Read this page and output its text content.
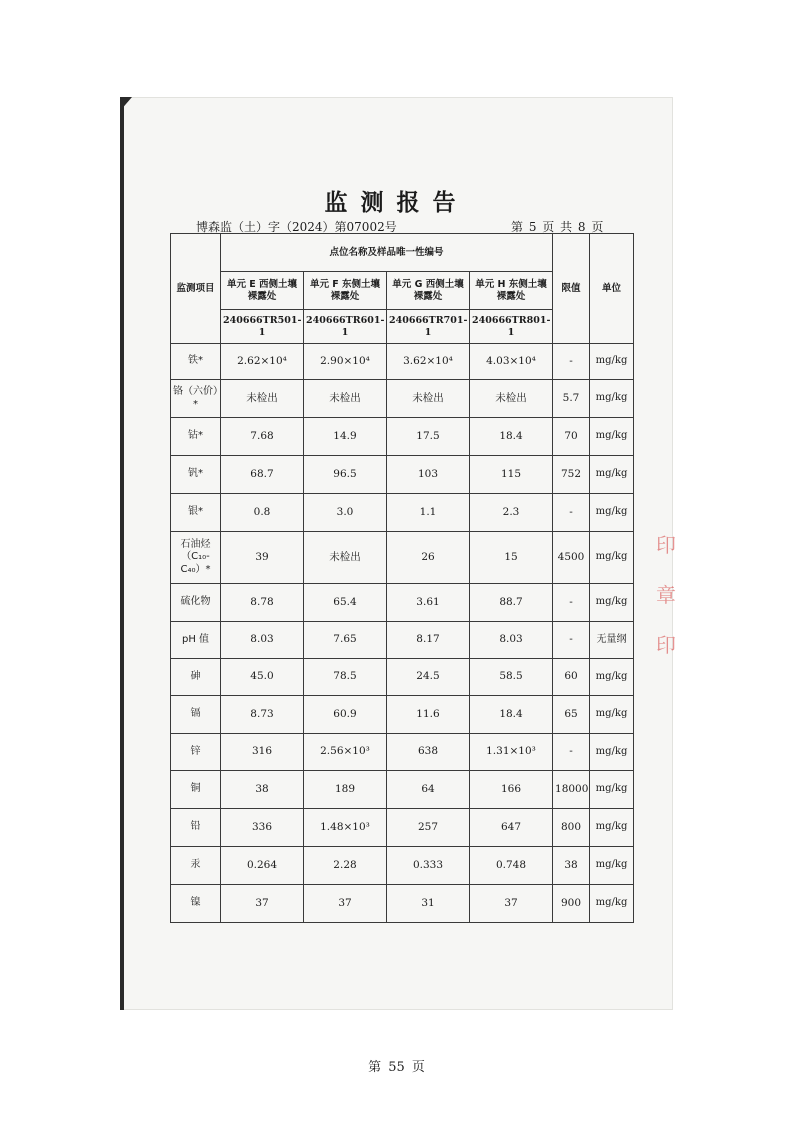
监测报告
博森监（土）字（2024）第07002号	第 5 页 共 8 页
监测项目	点位名称及样品唯一性编号				限值	单位
	单元 E 西侧土壤裸露处	单元 F 东侧土壤裸露处	单元 G 西侧土壤裸露处	单元 H 东侧土壤裸露处		
	240666TR501-1	240666TR601-1	240666TR701-1	240666TR801-1		
铁*	2.62×10⁴	2.90×10⁴	3.62×10⁴	4.03×10⁴	-	mg/kg
铬（六价）*	未检出	未检出	未检出	未检出	5.7	mg/kg
钴*	7.68	14.9	17.5	18.4	70	mg/kg
钒*	68.7	96.5	103	115	752	mg/kg
银*	0.8	3.0	1.1	2.3	-	mg/kg
石油烃（C₁₀-C₄₀）*	39	未检出	26	15	4500	mg/kg
硫化物	8.78	65.4	3.61	88.7	-	mg/kg
pH 值	8.03	7.65	8.17	8.03	-	无量纲
砷	45.0	78.5	24.5	58.5	60	mg/kg
镉	8.73	60.9	11.6	18.4	65	mg/kg
锌	316	2.56×10³	638	1.31×10³	-	mg/kg
铜	38	189	64	166	18000	mg/kg
铅	336	1.48×10³	257	647	800	mg/kg
汞	0.264	2.28	0.333	0.748	38	mg/kg
镍	37	37	31	37	900	mg/kg
印
章
印
第 55 页
